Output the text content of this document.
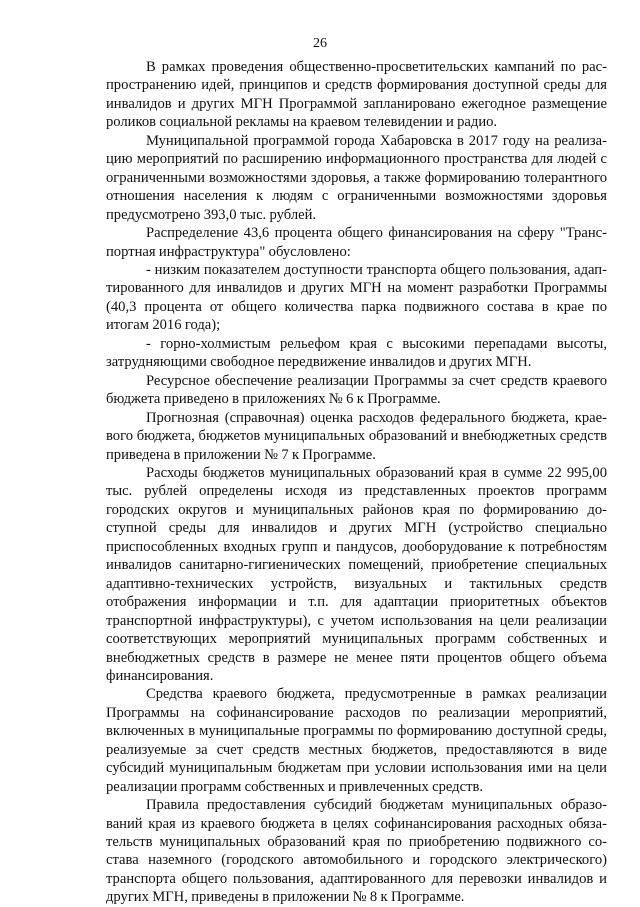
26

В рамках проведения общественно-просветительских кампаний по распространению идей, принципов и средств формирования доступной среды для инвалидов и других МГН Программой запланировано ежегодное размещение роликов социальной рекламы на краевом телевидении и радио.

Муниципальной программой города Хабаровска в 2017 году на реализацию мероприятий по расширению информационного пространства для людей с ограниченными возможностями здоровья, а также формированию толерантного отношения населения к людям с ограниченными возможностями здоровья предусмотрено 393,0 тыс. рублей.

Распределение 43,6 процента общего финансирования на сферу "Транспортная инфраструктура" обусловлено:

- низким показателем доступности транспорта общего пользования, адаптированного для инвалидов и других МГН на момент разработки Программы (40,3 процента от общего количества парка подвижного состава в крае по итогам 2016 года);

- горно-холмистым рельефом края с высокими перепадами высоты, затрудняющими свободное передвижение инвалидов и других МГН.

Ресурсное обеспечение реализации Программы за счет средств краевого бюджета приведено в приложениях № 6 к Программе.

Прогнозная (справочная) оценка расходов федерального бюджета, краевого бюджета, бюджетов муниципальных образований и внебюджетных средств приведена в приложении № 7 к Программе.

Расходы бюджетов муниципальных образований края в сумме 22 995,00 тыс. рублей определены исходя из представленных проектов программ городских округов и муниципальных районов края по формированию доступной среды для инвалидов и других МГН (устройство специально приспособленных входных групп и пандусов, дооборудование к потребностям инвалидов санитарно-гигиенических помещений, приобретение специальных адаптивно-технических устройств, визуальных и тактильных средств отображения информации и т.п. для адаптации приоритетных объектов транспортной инфраструктуры), с учетом использования на цели реализации соответствующих мероприятий муниципальных программ собственных и внебюджетных средств в размере не менее пяти процентов общего объема финансирования.

Средства краевого бюджета, предусмотренные в рамках реализации Программы на софинансирование расходов по реализации мероприятий, включенных в муниципальные программы по формированию доступной среды, реализуемые за счет средств местных бюджетов, предоставляются в виде субсидий муниципальным бюджетам при условии использования ими на цели реализации программ собственных и привлеченных средств.

Правила предоставления субсидий бюджетам муниципальных образований края из краевого бюджета в целях софинансирования расходных обязательств муниципальных образований края по приобретению подвижного состава наземного (городского автомобильного и городского электрического) транспорта общего пользования, адаптированного для перевозки инвалидов и других МГН, приведены в приложении № 8 к Программе.
